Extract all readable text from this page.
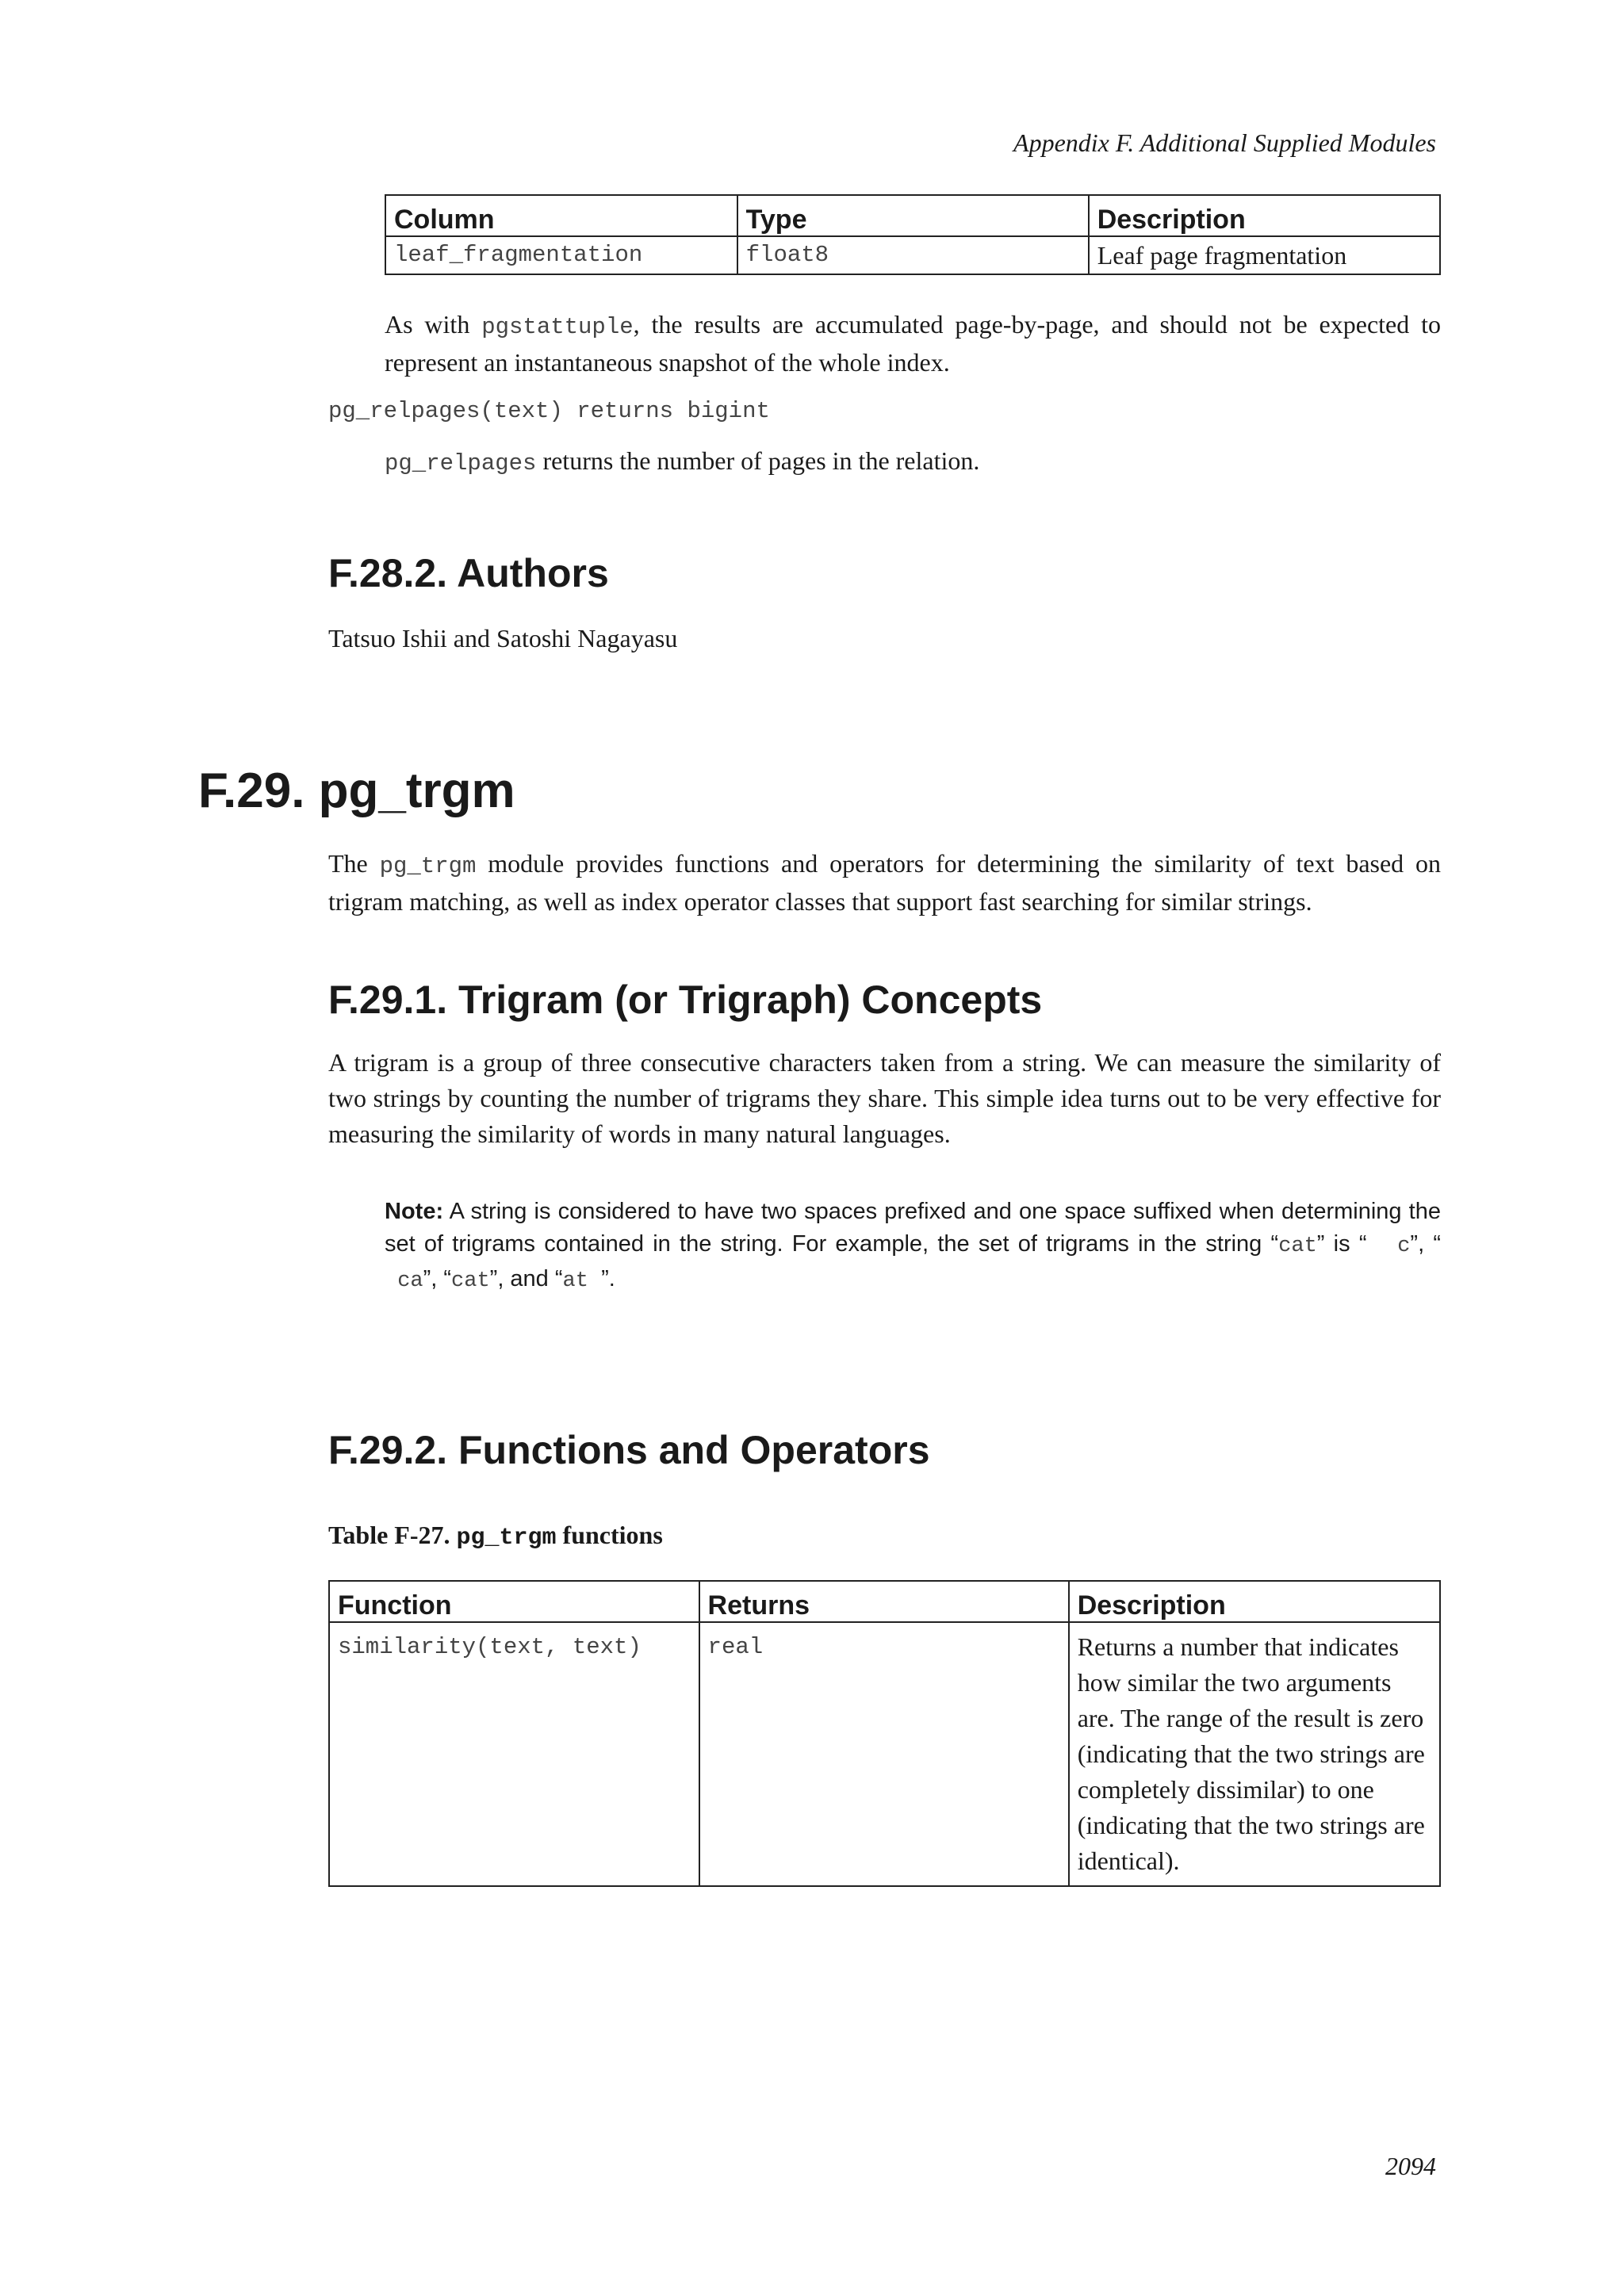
Appendix F. Additional Supplied Modules
Column	Type	Description
leaf_fragmentation	float8	Leaf page fragmentation
As with pgstattuple, the results are accumulated page-by-page, and should not be expected to represent an instantaneous snapshot of the whole index.
pg_relpages(text) returns bigint
pg_relpages returns the number of pages in the relation.
F.28.2. Authors
Tatsuo Ishii and Satoshi Nagayasu
F.29. pg_trgm
The pg_trgm module provides functions and operators for determining the similarity of text based on trigram matching, as well as index operator classes that support fast searching for similar strings.
F.29.1. Trigram (or Trigraph) Concepts
A trigram is a group of three consecutive characters taken from a string. We can measure the similarity of two strings by counting the number of trigrams they share. This simple idea turns out to be very effective for measuring the similarity of words in many natural languages.
Note: A string is considered to have two spaces prefixed and one space suffixed when determining the set of trigrams contained in the string. For example, the set of trigrams in the string “cat” is “  c”, “ ca”, “cat”, and “at ”.
F.29.2. Functions and Operators
Table F-27. pg_trgm functions
Function	Returns	Description
similarity(text, text)	real	Returns a number that indicates how similar the two arguments are. The range of the result is zero (indicating that the two strings are completely dissimilar) to one (indicating that the two strings are identical).
2094
